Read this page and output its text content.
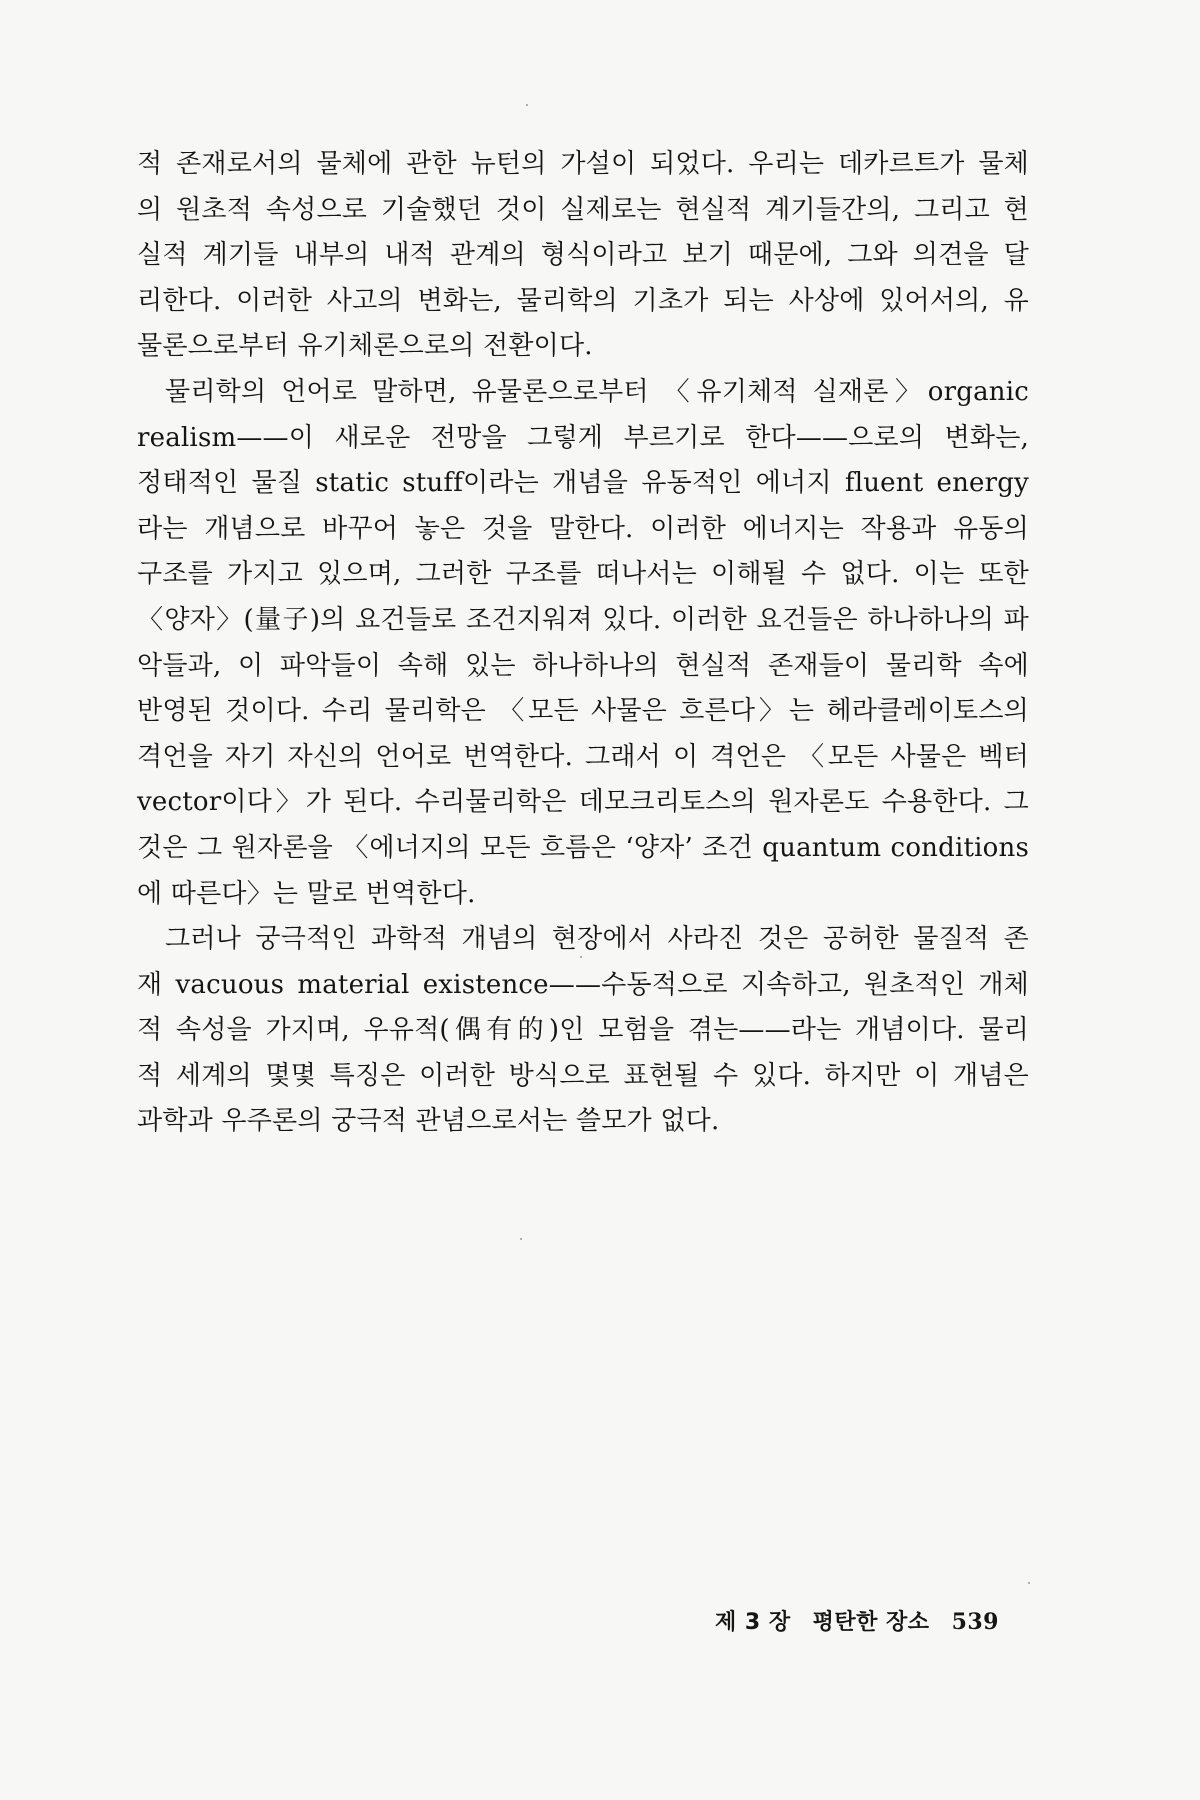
적 존재로서의 물체에 관한 뉴턴의 가설이 되었다. 우리는 데카르트가 물체
의 원초적 속성으로 기술했던 것이 실제로는 현실적 계기들간의, 그리고 현
실적 계기들 내부의 내적 관계의 형식이라고 보기 때문에, 그와 의견을 달
리한다. 이러한 사고의 변화는, 물리학의 기초가 되는 사상에 있어서의, 유
물론으로부터 유기체론으로의 전환이다.
물리학의 언어로 말하면, 유물론으로부터 〈유기체적 실재론〉organic
realism——이 새로운 전망을 그렇게 부르기로 한다——으로의 변화는,
정태적인 물질 static stuff이라는 개념을 유동적인 에너지 fluent energy
라는 개념으로 바꾸어 놓은 것을 말한다. 이러한 에너지는 작용과 유동의
구조를 가지고 있으며, 그러한 구조를 떠나서는 이해될 수 없다. 이는 또한
〈양자〉(量子)의 요건들로 조건지워져 있다. 이러한 요건들은 하나하나의 파
악들과, 이 파악들이 속해 있는 하나하나의 현실적 존재들이 물리학 속에
반영된 것이다. 수리 물리학은 〈모든 사물은 흐른다〉는 헤라클레이토스의
격언을 자기 자신의 언어로 번역한다. 그래서 이 격언은 〈모든 사물은 벡터
vector이다〉가 된다. 수리물리학은 데모크리토스의 원자론도 수용한다. 그
것은 그 원자론을 〈에너지의 모든 흐름은 ‘양자’ 조건 quantum conditions
에 따른다〉는 말로 번역한다.
그러나 궁극적인 과학적 개념의 현장에서 사라진 것은 공허한 물질적 존
재 vacuous material existence——수동적으로 지속하고, 원초적인 개체
적 속성을 가지며, 우유적(偶有的)인 모험을 겪는——라는 개념이다. 물리
적 세계의 몇몇 특징은 이러한 방식으로 표현될 수 있다. 하지만 이 개념은
과학과 우주론의 궁극적 관념으로서는 쓸모가 없다.
제 3 장 평탄한 장소 539
